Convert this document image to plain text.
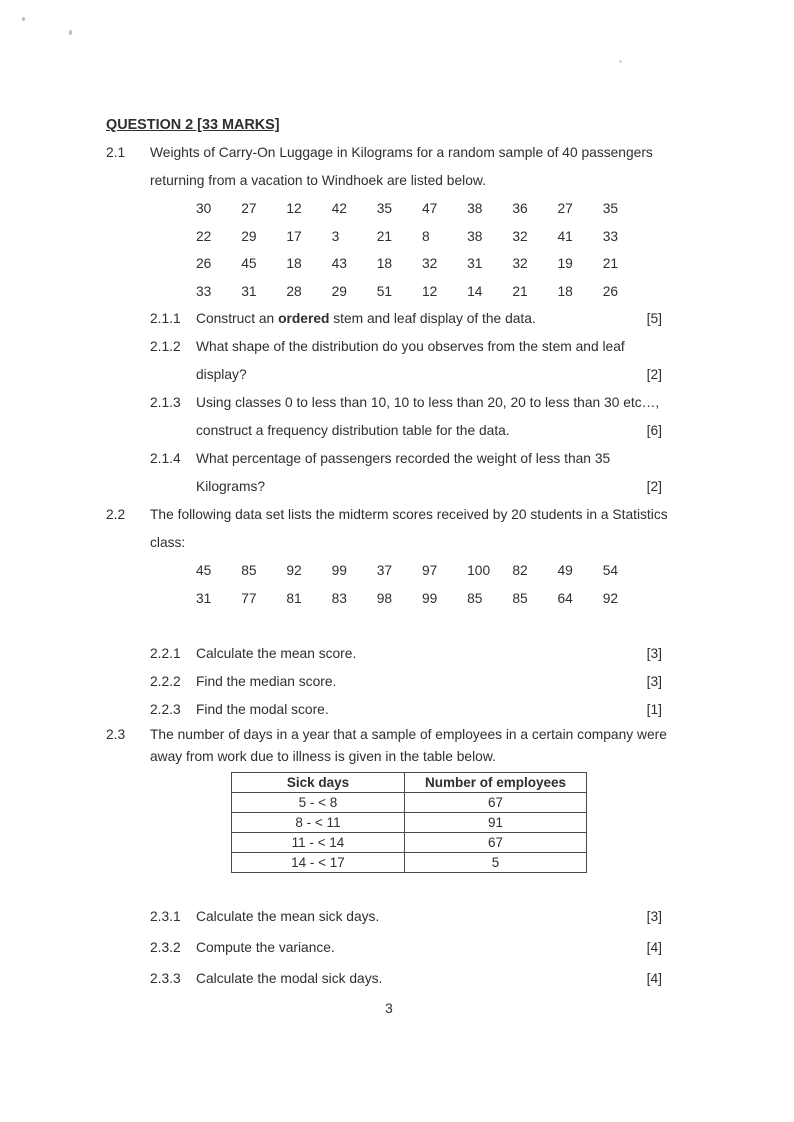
QUESTION 2 [33 MARKS]
2.1	Weights of Carry-On Luggage in Kilograms for a random sample of 40 passengers
returning from a vacation to Windhoek are listed below.
30	27	12	42	35	47	38	36	27	35
22	29	17	3	21	8	38	32	41	33
26	45	18	43	18	32	31	32	19	21
33	31	28	29	51	12	14	21	18	26
2.1.1	Construct an ordered stem and leaf display of the data.	[5]
2.1.2	What shape of the distribution do you observes from the stem and leaf
display?	[2]
2.1.3	Using classes 0 to less than 10, 10 to less than 20, 20 to less than 30 etc…,
construct a frequency distribution table for the data.	[6]
2.1.4	What percentage of passengers recorded the weight of less than 35
Kilograms?	[2]
2.2	The following data set lists the midterm scores received by 20 students in a Statistics
class:
45	85	92	99	37	97	100	82	49	54
31	77	81	83	98	99	85	85	64	92
2.2.1	Calculate the mean score.	[3]
2.2.2	Find the median score.	[3]
2.2.3	Find the modal score.	[1]
2.3	The number of days in a year that a sample of employees in a certain company were
away from work due to illness is given in the table below.
Sick days	Number of employees
5 - < 8	67
8 - < 11	91
11 - < 14	67
14 - < 17	5
2.3.1	Calculate the mean sick days.	[3]
2.3.2	Compute the variance.	[4]
2.3.3	Calculate the modal sick days.	[4]
3
